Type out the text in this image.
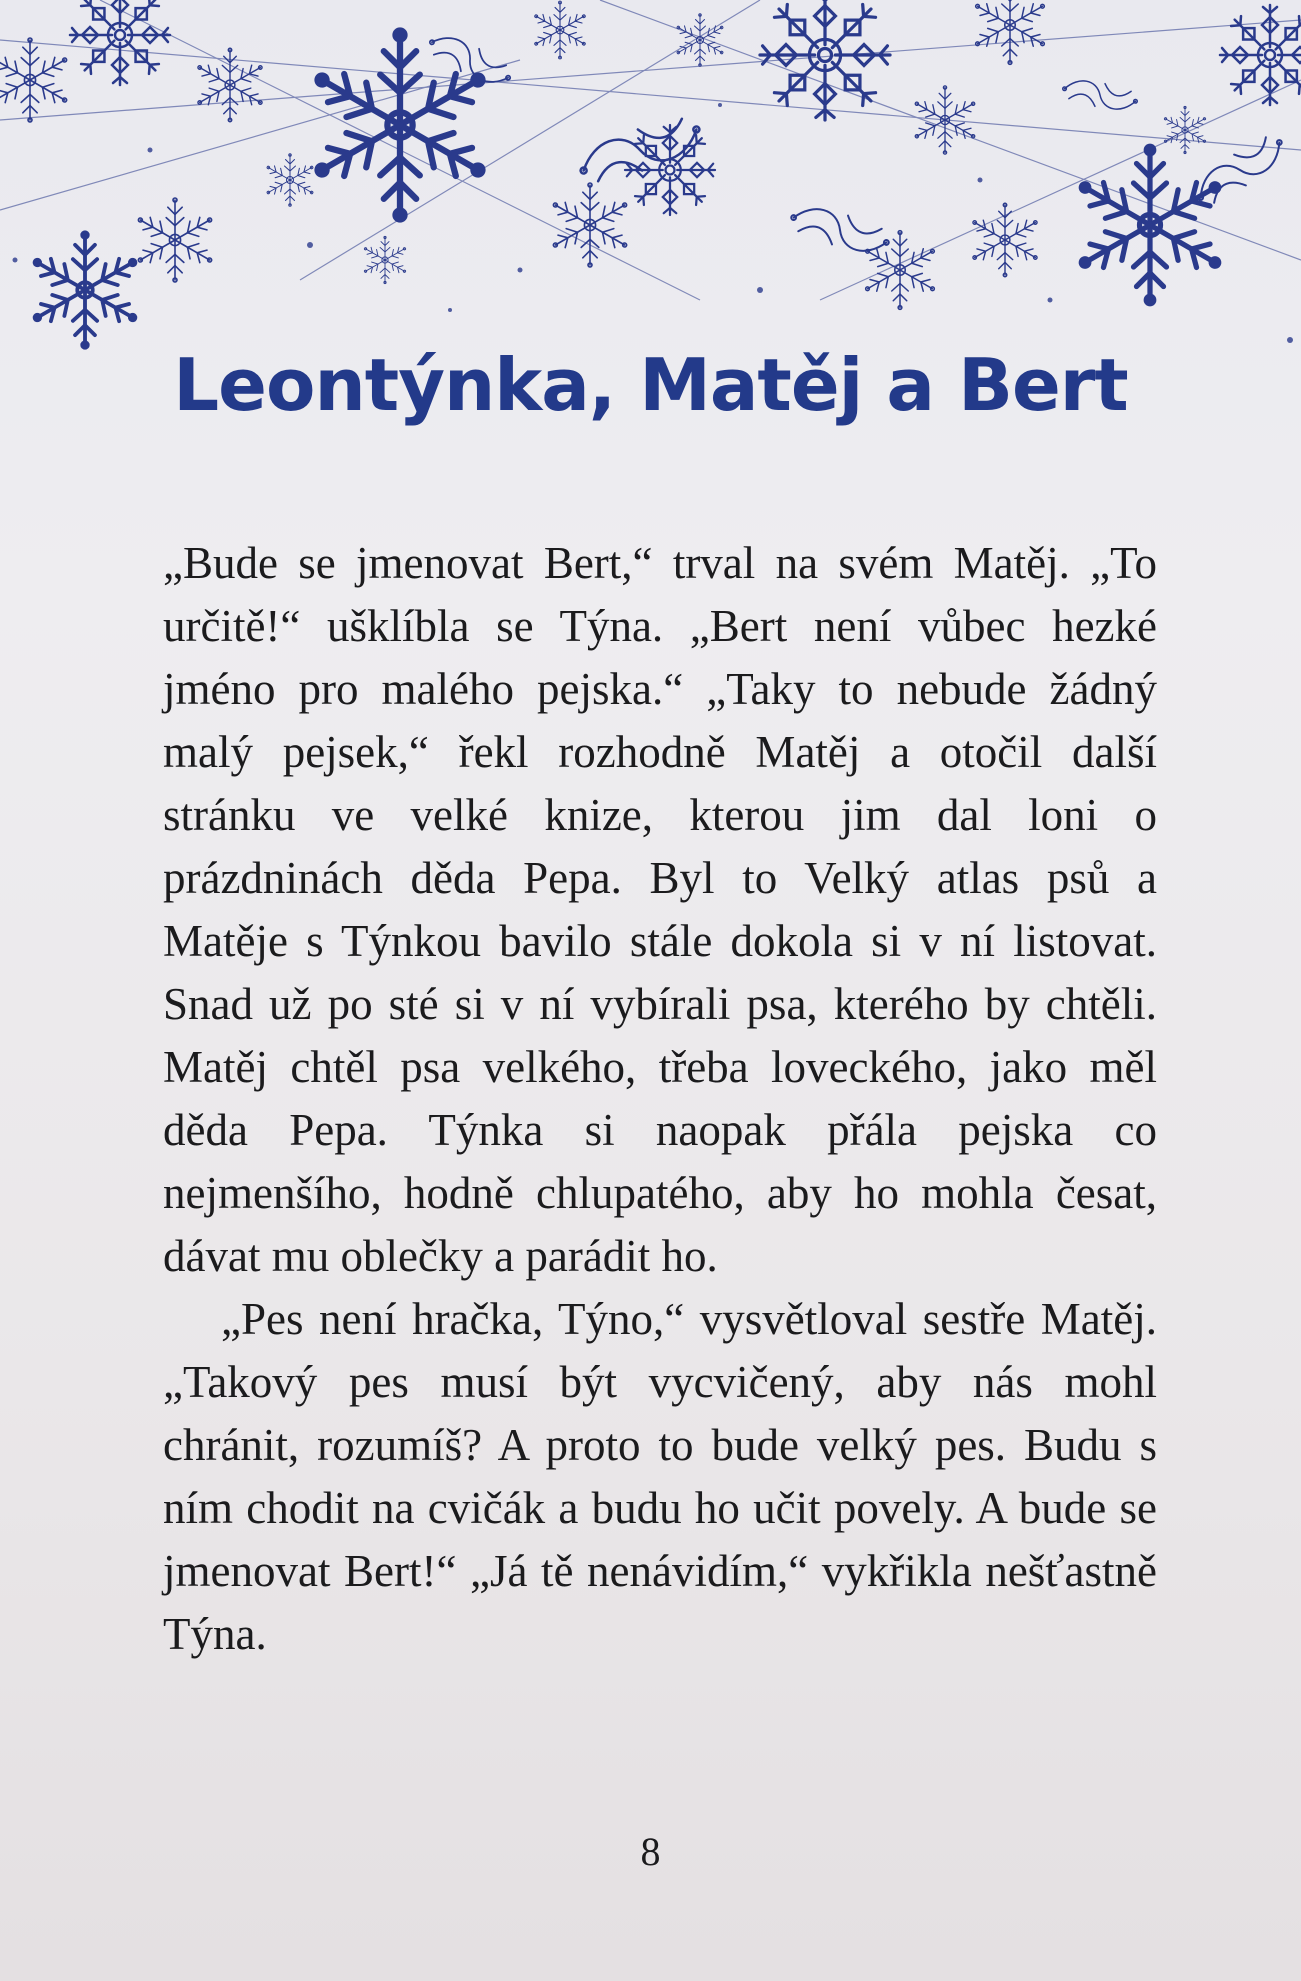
Leontýnka, Matěj a Bert

„Bude se jmenovat Bert,“ trval na svém Matěj. „To určitě!“ ušklíbla se Týna. „Bert není vůbec hezké jméno pro malého pejska.“ „Taky to nebude žádný malý pejsek,“ řekl rozhodně Matěj a otočil další stránku ve velké knize, kterou jim dal loni o prázdninách děda Pepa. Byl to Velký atlas psů a Matěje s Týnkou bavilo stále dokola si v ní listovat. Snad už po sté si v ní vybírali psa, kterého by chtěli. Matěj chtěl psa velkého, třeba loveckého, jako měl děda Pepa. Týnka si naopak přála pejska co nejmenšího, hodně chlupatého, aby ho mohla česat, dávat mu oblečky a parádit ho.

„Pes není hračka, Týno,“ vysvětloval sestře Matěj. „Takový pes musí být vycvičený, aby nás mohl chránit, rozumíš? A proto to bude velký pes. Budu s ním chodit na cvičák a budu ho učit povely. A bude se jmenovat Bert!“ „Já tě nenávidím,“ vykřikla nešťastně Týna.

8
